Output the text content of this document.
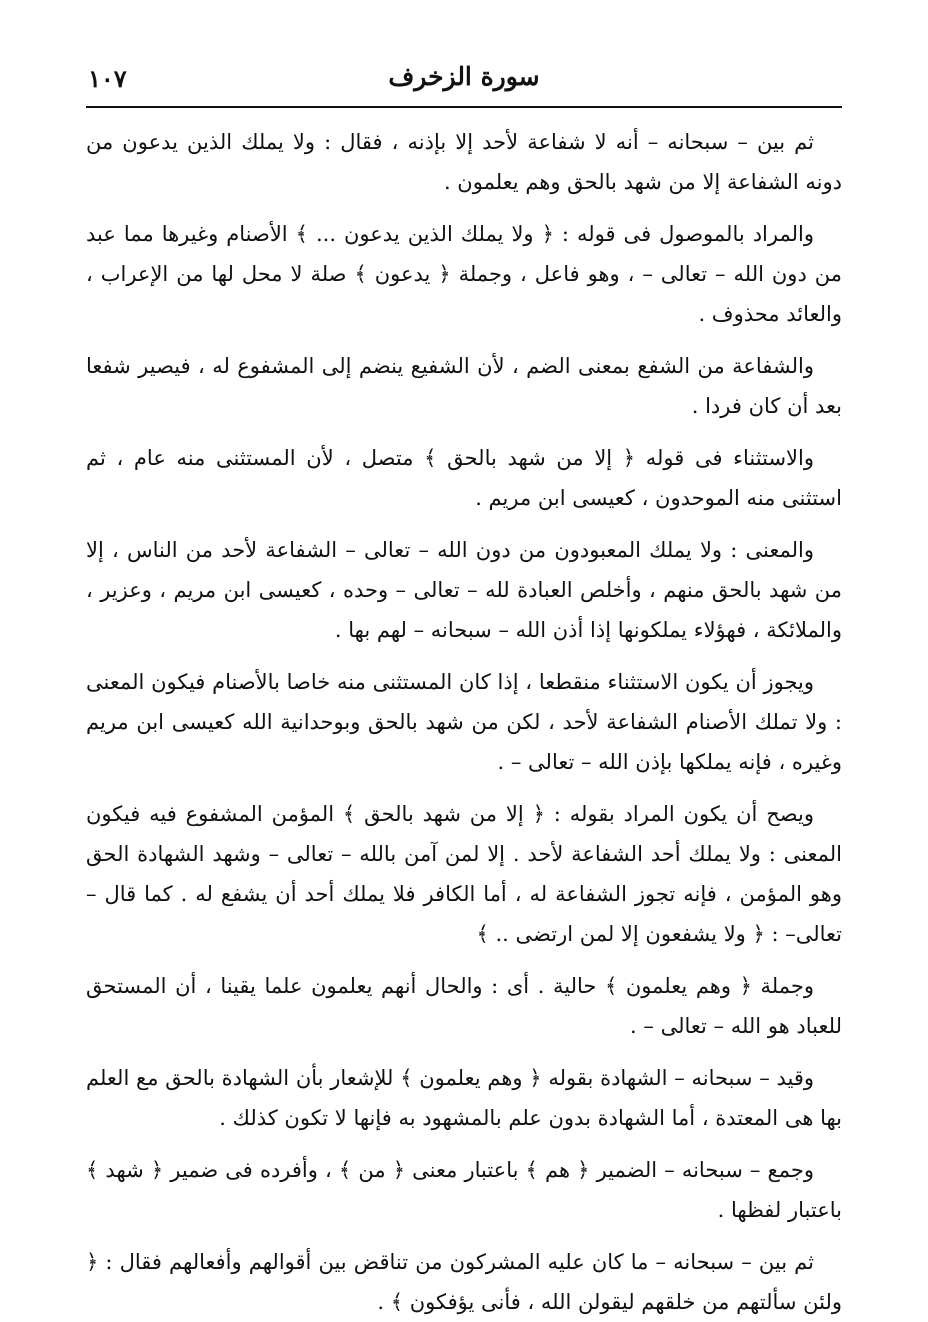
١٠٧	سورة الزخرف

ثم بين – سبحانه – أنه لا شفاعة لأحد إلا بإذنه ، فقال : ولا يملك الذين يدعون من دونه الشفاعة إلا من شهد بالحق وهم يعلمون .

والمراد بالموصول فى قوله : ﴿ ولا يملك الذين يدعون ... ﴾ الأصنام وغيرها مما عبد من دون الله – تعالى – ، وهو فاعل ، وجملة ﴿ يدعون ﴾ صلة لا محل لها من الإعراب ، والعائد محذوف .

والشفاعة من الشفع بمعنى الضم ، لأن الشفيع ينضم إلى المشفوع له ، فيصير شفعا بعد أن كان فردا .

والاستثناء فى قوله ﴿ إلا من شهد بالحق ﴾ متصل ، لأن المستثنى منه عام ، ثم استثنى منه الموحدون ، كعيسى ابن مريم .

والمعنى : ولا يملك المعبودون من دون الله – تعالى – الشفاعة لأحد من الناس ، إلا من شهد بالحق منهم ، وأخلص العبادة لله – تعالى – وحده ، كعيسى ابن مريم ، وعزير ، والملائكة ، فهؤلاء يملكونها إذا أذن الله – سبحانه – لهم بها .

ويجوز أن يكون الاستثناء منقطعا ، إذا كان المستثنى منه خاصا بالأصنام فيكون المعنى : ولا تملك الأصنام الشفاعة لأحد ، لكن من شهد بالحق وبوحدانية الله كعيسى ابن مريم وغيره ، فإنه يملكها بإذن الله – تعالى – .

ويصح أن يكون المراد بقوله : ﴿ إلا من شهد بالحق ﴾ المؤمن المشفوع فيه فيكون المعنى : ولا يملك أحد الشفاعة لأحد . إلا لمن آمن بالله – تعالى – وشهد الشهادة الحق وهو المؤمن ، فإنه تجوز الشفاعة له ، أما الكافر فلا يملك أحد أن يشفع له . كما قال – تعالى– : ﴿ ولا يشفعون إلا لمن ارتضى .. ﴾

وجملة ﴿ وهم يعلمون ﴾ حالية . أى : والحال أنهم يعلمون علما يقينا ، أن المستحق للعباد هو الله – تعالى – .

وقيد – سبحانه – الشهادة بقوله ﴿ وهم يعلمون ﴾ للإشعار بأن الشهادة بالحق مع العلم بها هى المعتدة ، أما الشهادة بدون علم بالمشهود به فإنها لا تكون كذلك .

وجمع – سبحانه – الضمير ﴿ هم ﴾ باعتبار معنى ﴿ من ﴾ ، وأفرده فى ضمير ﴿ شهد ﴾ باعتبار لفظها .

ثم بين – سبحانه – ما كان عليه المشركون من تناقض بين أقوالهم وأفعالهم فقال : ﴿ ولئن سألتهم من خلقهم ليقولن الله ، فأنى يؤفكون ﴾ .
